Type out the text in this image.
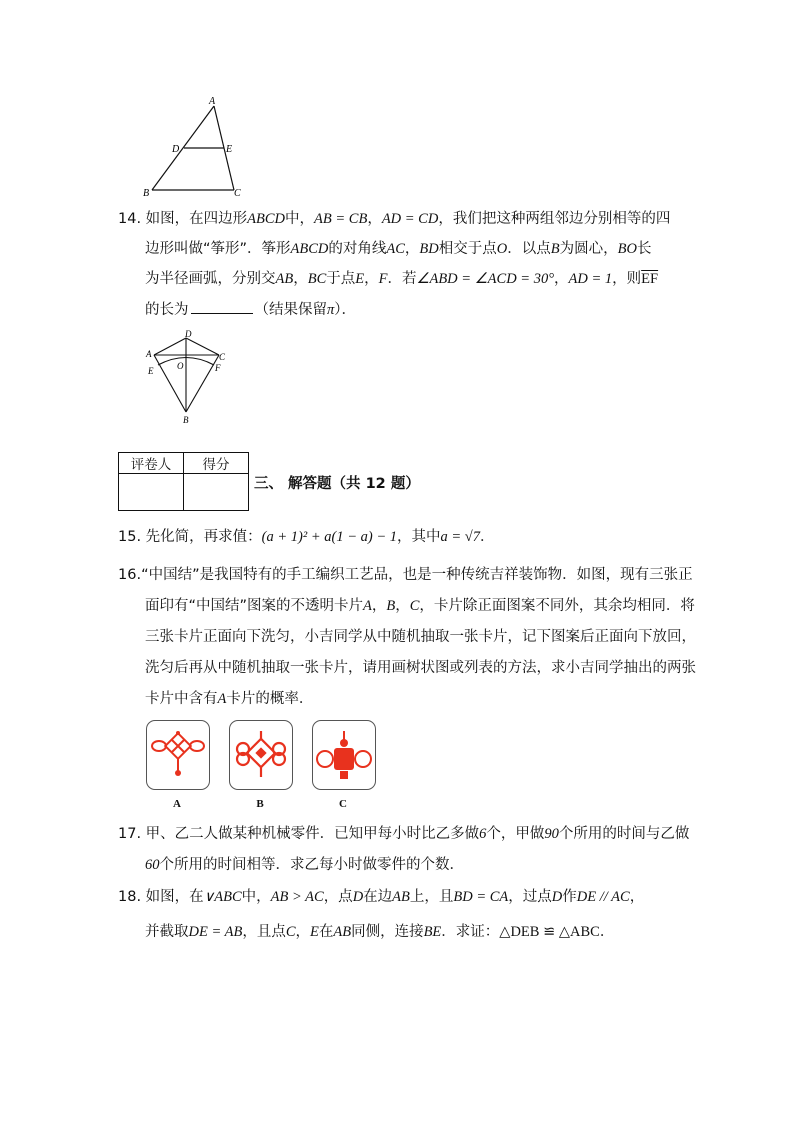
A
D	E
B	C
14. 如图，在四边形ABCD中，AB = CB，AD = CD，我们把这种两组邻边分别相等的四
边形叫做“筝形”．筝形ABCD的对角线AC，BD相交于点O．以点B为圆心，BO长
为半径画弧，分别交AB，BC于点E，F．若∠ABD = ∠ACD = 30°，AD = 1，则$\overline{EF}$
的长为	（结果保留π）．
D
A	C
E	O	F
B
评卷人	得分

三、 解答题（共 12 题）
15. 先化简，再求值：(a + 1)² + a(1 − a) − 1，其中a = √7．
16.“中国结”是我国特有的手工编织工艺品，也是一种传统吉祥装饰物．如图，现有三张正
面印有“中国结”图案的不透明卡片A，B，C，卡片除正面图案不同外，其余均相同．将
三张卡片正面向下洗匀，小吉同学从中随机抽取一张卡片，记下图案后正面向下放回，
洗匀后再从中随机抽取一张卡片，请用画树状图或列表的方法，求小吉同学抽出的两张
卡片中含有A卡片的概率．
A	B	C
17. 甲、乙二人做某种机械零件．已知甲每小时比乙多做6个，甲做90个所用的时间与乙做
60个所用的时间相等．求乙每小时做零件的个数．
18. 如图，在∨ABC中，AB > AC，点D在边AB上，且BD = CA，过点D作DE // AC，
并截取DE = AB，且点C，E在AB同侧，连接BE．求证：△DEB ≌ △ABC．
